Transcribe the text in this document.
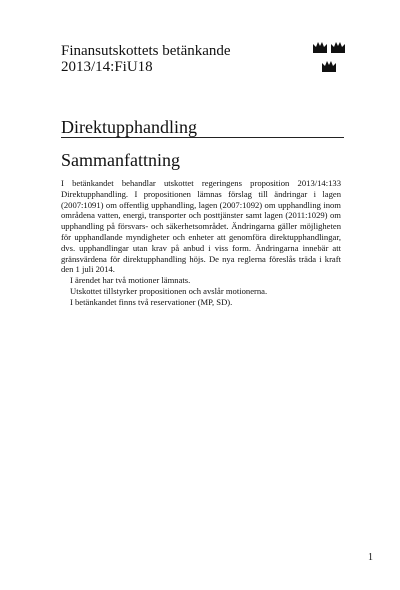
Finansutskottets betänkande

2013/14:FiU18

Direktupphandling
Sammanfattning

I betänkandet behandlar utskottet regeringens proposition 2013/14:133 Direktupphandling. I propositionen lämnas förslag till ändringar i lagen (2007:1091) om offentlig upphandling, lagen (2007:1092) om upphandling inom områdena vatten, energi, transporter och posttjänster samt lagen (2011:1029) om upphandling på försvars- och säkerhetsområdet. Ändringarna gäller möjligheten för upphandlande myndigheter och enheter att genomföra direktupphandlingar, dvs. upphandlingar utan krav på anbud i viss form. Ändringarna innebär att gränsvärdena för direktupphandling höjs. De nya reglerna föreslås träda i kraft den 1 juli 2014.

I ärendet har två motioner lämnats.

Utskottet tillstyrker propositionen och avslår motionerna.

I betänkandet finns två reservationer (MP, SD).

1
